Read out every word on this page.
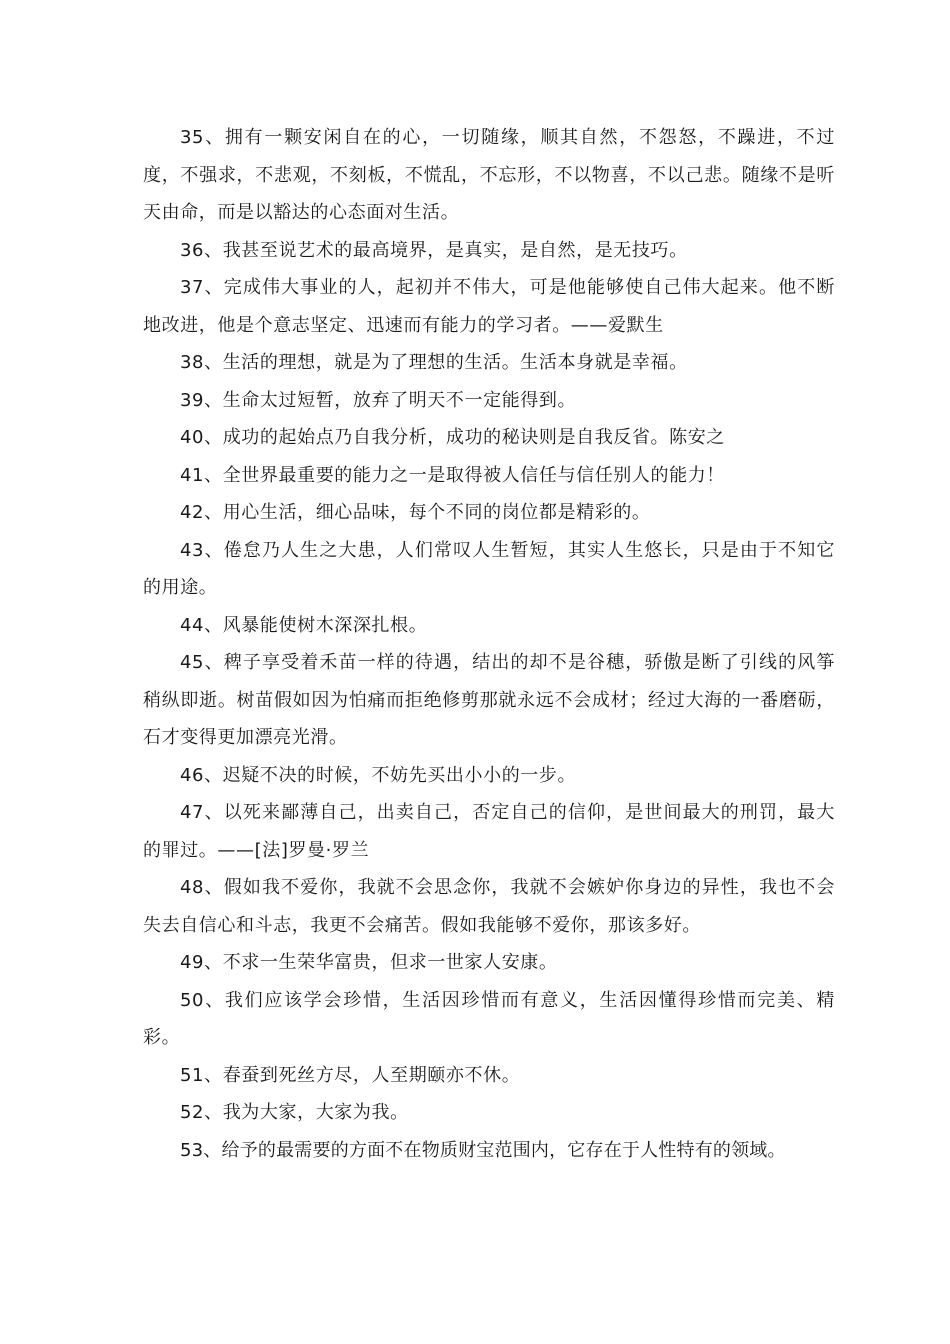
35、拥有一颗安闲自在的心，一切随缘，顺其自然，不怨怒，不躁进，不过度，不强求，不悲观，不刻板，不慌乱，不忘形，不以物喜，不以己悲。随缘不是听天由命，而是以豁达的心态面对生活。

36、我甚至说艺术的最高境界，是真实，是自然，是无技巧。

37、完成伟大事业的人，起初并不伟大，可是他能够使自己伟大起来。他不断地改进，他是个意志坚定、迅速而有能力的学习者。——爱默生

38、生活的理想，就是为了理想的生活。生活本身就是幸福。

39、生命太过短暂，放弃了明天不一定能得到。

40、成功的起始点乃自我分析，成功的秘诀则是自我反省。陈安之

41、全世界最重要的能力之一是取得被人信任与信任别人的能力！

42、用心生活，细心品味，每个不同的岗位都是精彩的。

43、倦怠乃人生之大患，人们常叹人生暂短，其实人生悠长，只是由于不知它的用途。

44、风暴能使树木深深扎根。

45、稗子享受着禾苗一样的待遇，结出的却不是谷穗，骄傲是断了引线的风筝稍纵即逝。树苗假如因为怕痛而拒绝修剪那就永远不会成材；经过大海的一番磨砺，石才变得更加漂亮光滑。

46、迟疑不决的时候，不妨先买出小小的一步。

47、以死来鄙薄自己，出卖自己，否定自己的信仰，是世间最大的刑罚，最大的罪过。——[法]罗曼·罗兰

48、假如我不爱你，我就不会思念你，我就不会嫉妒你身边的异性，我也不会失去自信心和斗志，我更不会痛苦。假如我能够不爱你，那该多好。

49、不求一生荣华富贵，但求一世家人安康。

50、我们应该学会珍惜，生活因珍惜而有意义，生活因懂得珍惜而完美、精彩。

51、春蚕到死丝方尽，人至期颐亦不休。

52、我为大家，大家为我。

53、给予的最需要的方面不在物质财宝范围内，它存在于人性特有的领域。
